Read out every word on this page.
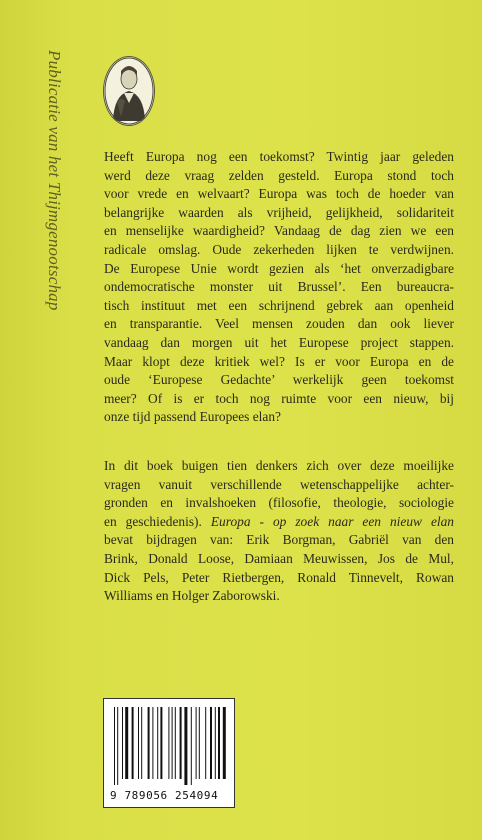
Publicatie van het Thijmgenootschap	Heeft Europa nog een toekomst? Twintig jaar geleden
werd deze vraag zelden gesteld. Europa stond toch
voor vrede en welvaart? Europa was toch de hoeder van
belangrijke waarden als vrijheid, gelijkheid, solidariteit
en menselijke waardigheid? Vandaag de dag zien we een
radicale omslag. Oude zekerheden lijken te verdwijnen.
De Europese Unie wordt gezien als ‘het onverzadigbare
ondemocratische monster uit Brussel’. Een bureaucra-
tisch instituut met een schrijnend gebrek aan openheid
en transparantie. Veel mensen zouden dan ook liever
vandaag dan morgen uit het Europese project stappen.
Maar klopt deze kritiek wel? Is er voor Europa en de
oude ‘Europese Gedachte’ werkelijk geen toekomst
meer? Of is er toch nog ruimte voor een nieuw, bij
onze tijd passend Europees elan?
In dit boek buigen tien denkers zich over deze moeilijke
vragen vanuit verschillende wetenschappelijke achter-
gronden en invalshoeken (filosofie, theologie, sociologie
en geschiedenis). Europa - op zoek naar een nieuw elan
bevat bijdragen van: Erik Borgman, Gabriël van den
Brink, Donald Loose, Damiaan Meuwissen, Jos de Mul,
Dick Pels, Peter Rietbergen, Ronald Tinnevelt, Rowan
Williams en Holger Zaborowski.
9 789056 254094
